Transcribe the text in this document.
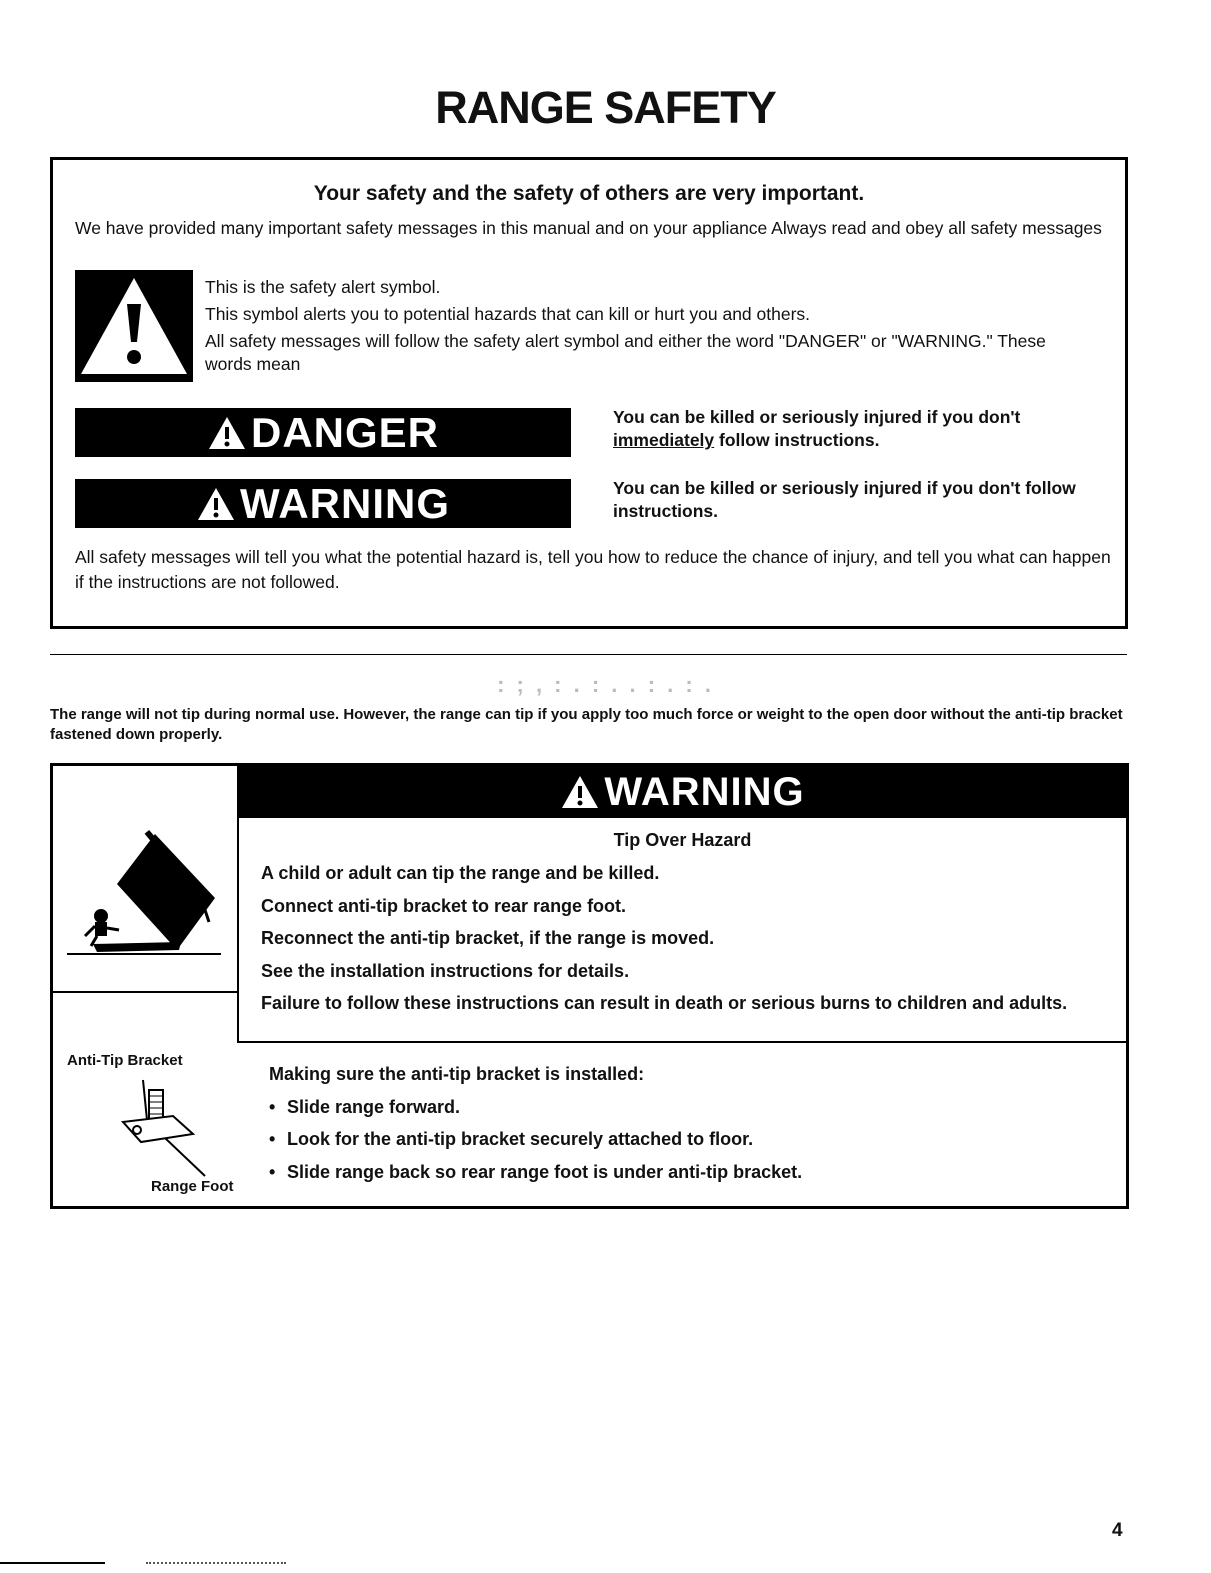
RANGE SAFETY
Your safety and the safety of others are very important.
We have provided many important safety messages in this manual and on your appliance Always read and obey all safety messages

This is the safety alert symbol.

This symbol alerts you to potential hazards that can kill or hurt you and others.

All safety messages will follow the safety alert symbol and either the word "DANGER" or "WARNING." These words mean

DANGER	You can be killed or seriously injured if you don't
immediately follow instructions.
WARNING	You can be killed or seriously injured if you don't follow instructions.
All safety messages will tell you what the potential hazard is, tell you how to reduce the chance of injury, and tell you what can happen if the instructions are not followed.
: ; , : . : . . : . : .
The range will not tip during normal use. However, the range can tip if you apply too much force or weight to the open door without the anti-tip bracket fastened down properly.
WARNING
Tip Over Hazard

A child or adult can tip the range and be killed.

Connect anti-tip bracket to rear range foot.

Reconnect the anti-tip bracket, if the range is moved.

See the installation instructions for details.

Failure to follow these instructions can result in death or serious burns to children and adults.

Anti-Tip Bracket
Range Foot

Making sure the anti-tip bracket is installed:

• Slide range forward.
• Look for the anti-tip bracket securely attached to floor.
• Slide range back so rear range foot is under anti-tip bracket.
4
